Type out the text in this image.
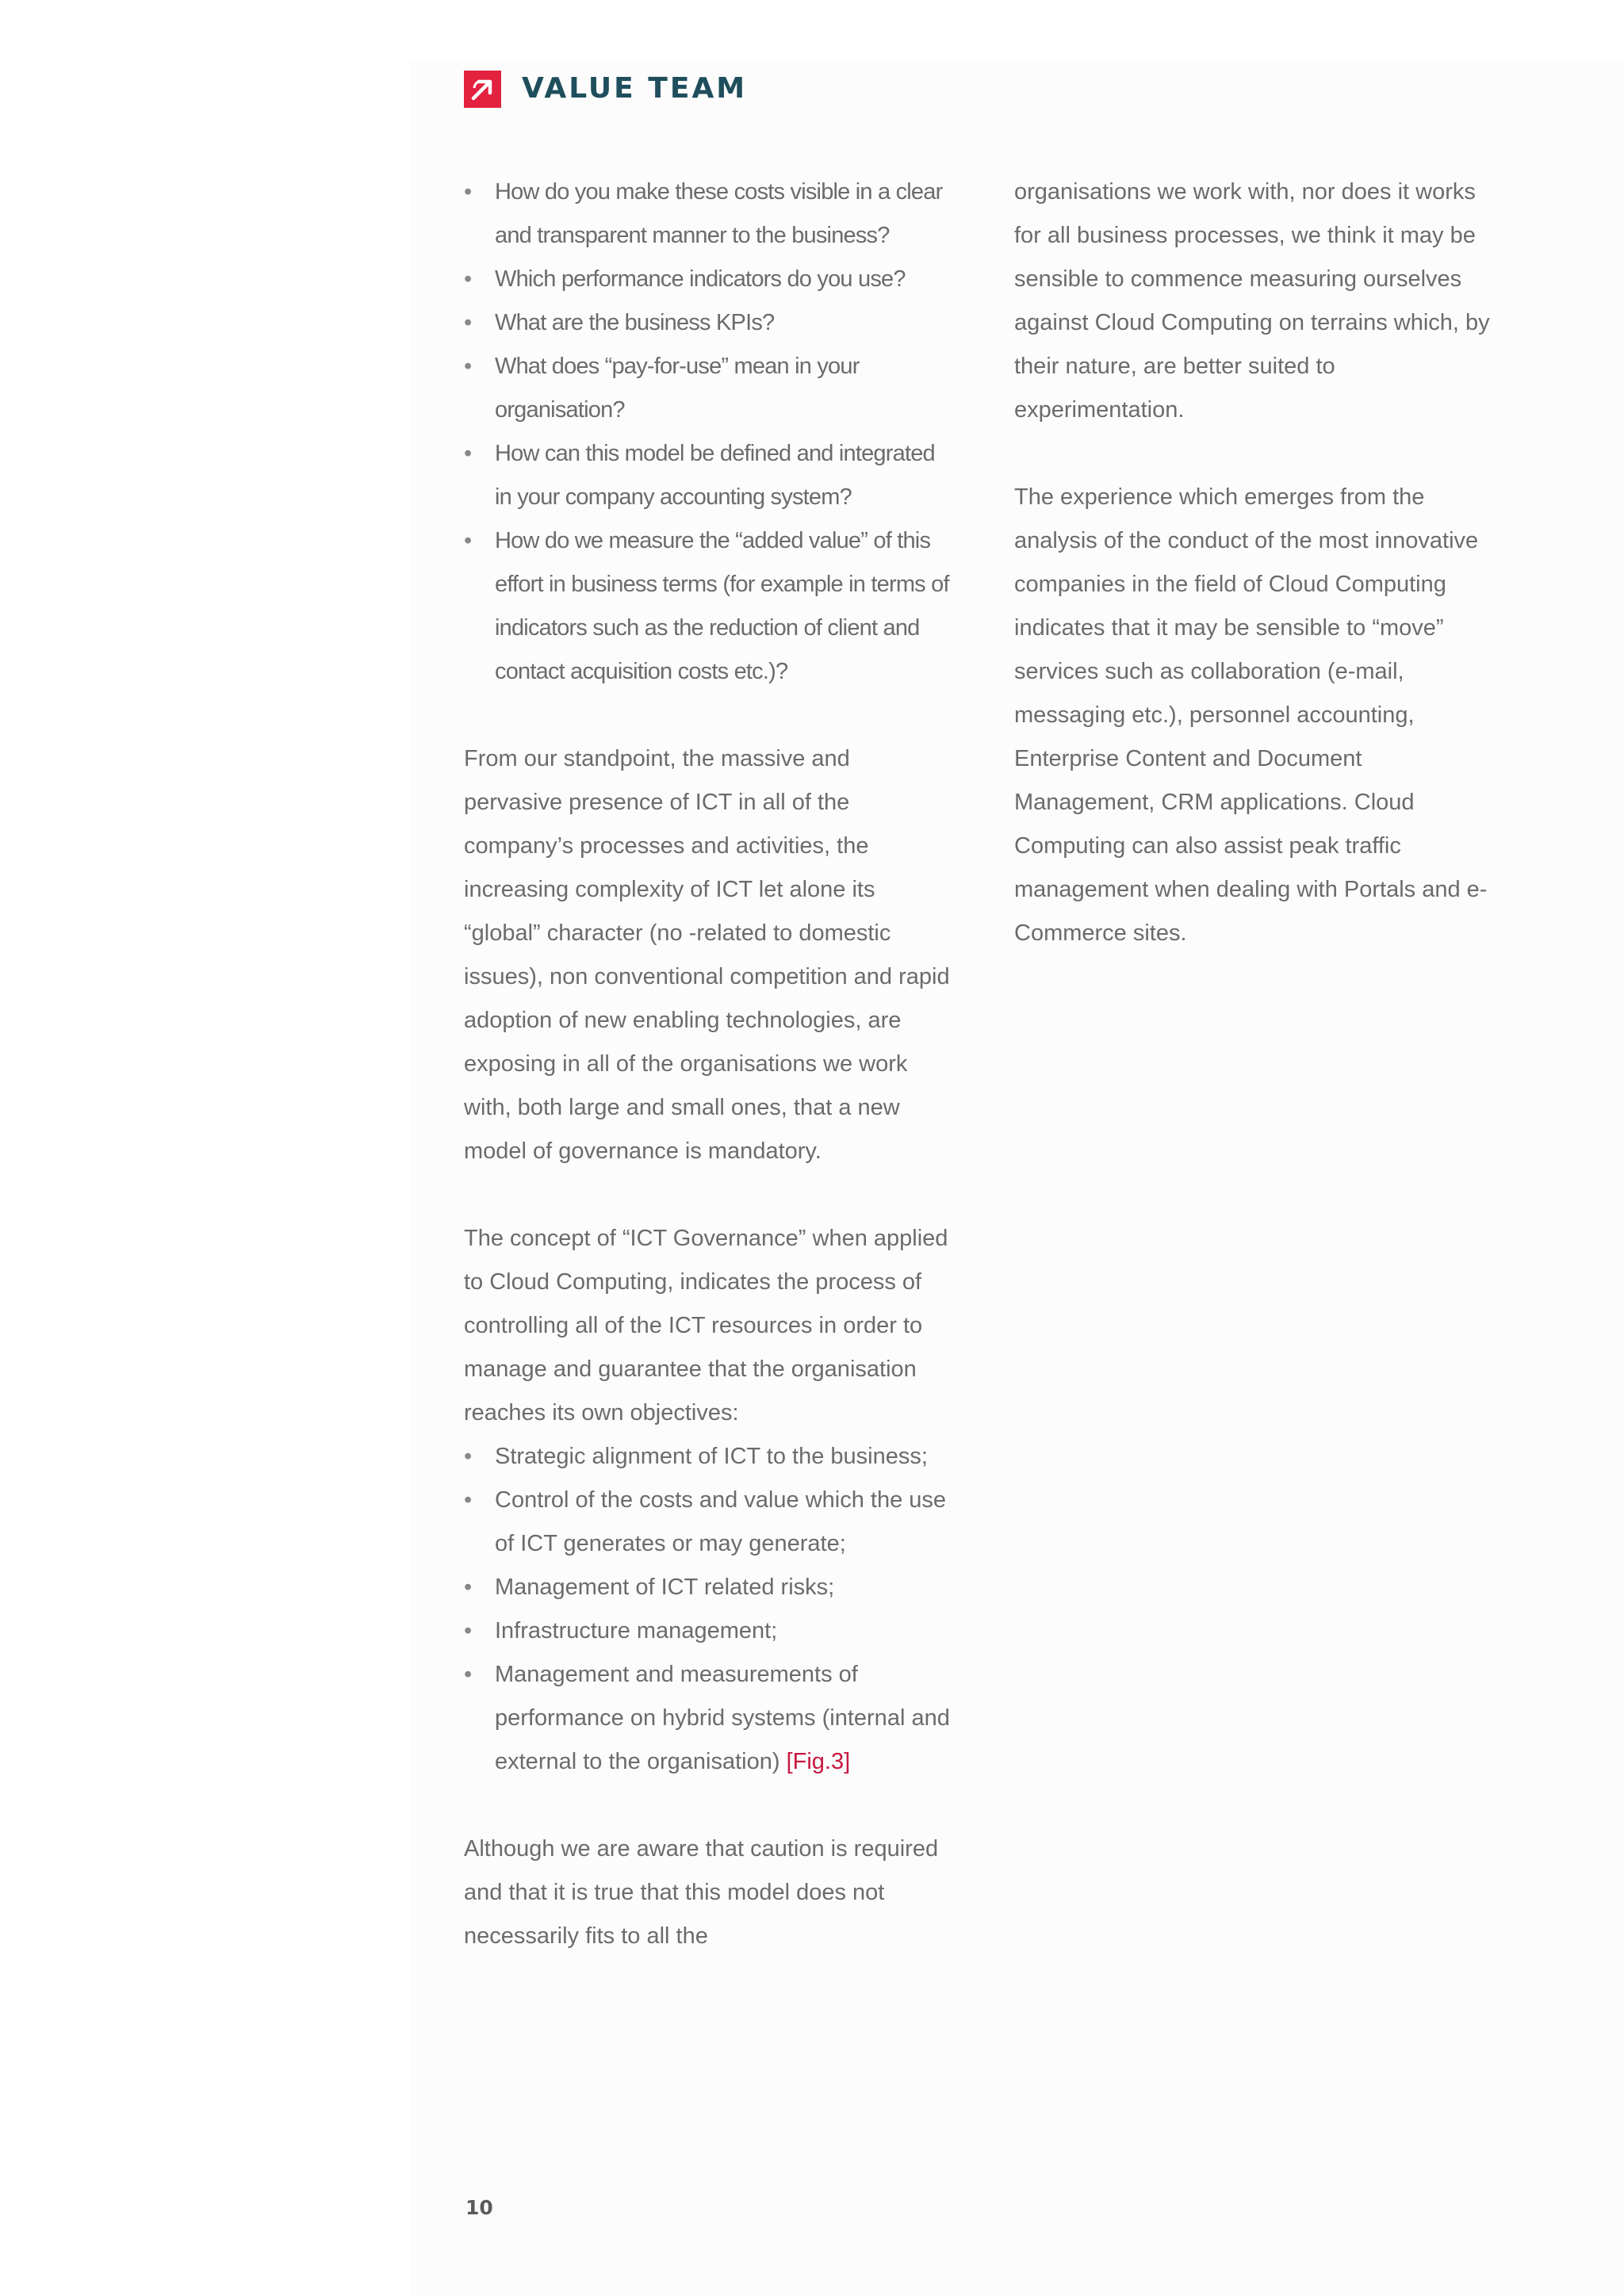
VALUE TEAM
• How do you make these costs visible in a clear and transparent manner to the business?
• Which performance indicators do you use?
• What are the business KPIs?
• What does “pay-for-use” mean in your organisation?
• How can this model be defined and integrated in your company accounting system?
• How do we measure the “added value” of this effort in business terms (for example in terms of indicators such as the reduction of client and contact acquisition costs etc.)?

From our standpoint, the massive and pervasive presence of ICT in all of the company’s processes and activities, the increasing complexity of ICT let alone its “global” character (no -related to domestic issues), non conventional competition and rapid adoption of new enabling technologies, are exposing in all of the organisations we work with, both large and small ones, that a new model of governance is mandatory.

The concept of “ICT Governance” when applied to Cloud Computing, indicates the process of controlling all of the ICT resources in order to manage and guarantee that the organisation reaches its own objectives:

• Strategic alignment of ICT to the business;
• Control of the costs and value which the use of ICT generates or may generate;
• Management of ICT related risks;
• Infrastructure management;
• Management and measurements of performance on hybrid systems (internal and external to the organisation) [Fig.3]

Although we are aware that caution is required and that it is true that this model does not necessarily fits to all the

organisations we work with, nor does it works for all business processes, we think it may be sensible to commence measuring ourselves against Cloud Computing on terrains which, by their nature, are better suited to experimentation.

The experience which emerges from the analysis of the conduct of the most innovative companies in the field of Cloud Computing indicates that it may be sensible to “move” services such as collaboration (e-mail, messaging etc.), personnel accounting, Enterprise Content and Document Management, CRM applications. Cloud Computing can also assist peak traffic management when dealing with Portals and e-Commerce sites.

10
